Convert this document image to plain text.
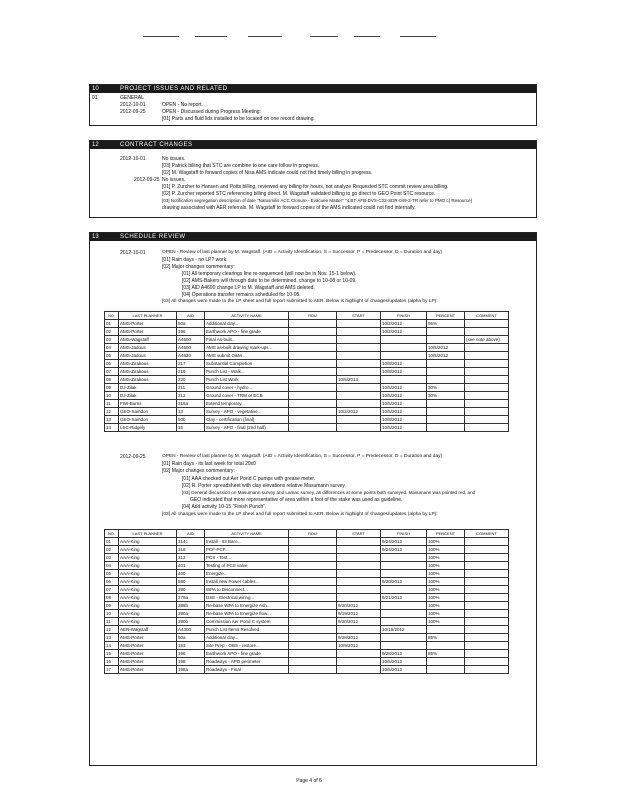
10	PROJECT ISSUES AND RELATED
01	GENERAL
2012-10-01	OPEN - No report.
2012-09-25	OPEN - Discussed during Progress Meeting:
[01] Parts and fluid lids installed to be located on one record drawing.
12	CONTRACT CHANGES
2012-10-01	No issues.
[03] Patrick billing that STC are combine to one care follow in progress.
[02] M. Wagstaff to forward copies of Nisa AMS indicate could not find timely billing in progress.
2012-09-25 No issues.
[01] P. Zurcher to Hansen and Potts billing, reviewed any billing for hours, not analyze Requested STC commit review area billing.
[02] P. Zurcher reported STC referencing billing direct. M. Wagstaff validated billing to go direct to GEO Point STC resource.
[03] Notification segregation description of date "Natusmilis ACC Closure - Evacuee Matter" "4.BT-AFB-DVS-C22-SDR-049-2-TR refer to PMO c) Resource)
drawing associated with AER referrals. M. Wagstaff to forward copies of the AMS indicated could not find internally.
13	SCHEDULE REVIEW
2012-10-01	OPEN - Review of last planner by M. Wagstaff. (AID = Activity Identification, S = Successor, P = Predecessor, D = Duration and day)
[01] Rain days - no LP? work.
[02] Major changes commentary:
[01] All temporary clearings line re-sequenced (will now be in Nov. 15-1 below).
[02] AMS-Bakers will through date to be determined, change to 10-08 or 10-09.
[03] AID A4600 change LP to M. Wagstaff and AMS deleted.
[04] Operations transfer remains scheduled for 10-05.
[03] All changes were made to the LP sheet and full report submitted to AER. Below is highlight of changes/updates (alpha by LP):
NO.	LAST PLANNER	AID	ACTIVITY NAME	RDU	START	FINISH	PERCENT	COMMENT
01	AMS-Porter	50a	Additional clay...			10/2/2012	95%	
02	AMS-Porter	196	Earthwork APO - fine grade			10/2/2012		
03	AMS-Wagstaff	A4600	Final As-built...					(see note above)
04	AMS-Jadous	A4600	AMS as-built drawing mark-ups...				10/5/2012	
05	AMS-Jadous	A4620	AMS submit O&M ...				10/5/2012	
06	AMS-Zirakous	217	Substantial Completion			10/8/2012		
07	AMS-Zirakous	219	Punch List - Walk...			10/8/2012		
08	AMS-Zirakous	220	Punch List Work		10/5/2013			
09	DJ-Zilak	211	Ground cover - hydro...			10/5/2012	30%	
10	DJ-Zilak	212	Ground cover - TRM or ECB			10/5/2012	30%	
11	FWI-Burns	316a	Extend temporary...			10/5/2012		
12	GEO-Saindon	13	Survey - APO - vegetative...		10/2/2012	10/5/2012		
13	GEO-Saindon	50b	Clay - certification (final)			10/8/2012		
14	LEC-Ridgely	15	Survey - APO - final (2nd half)			10/5/2012		
2012-09-25	OPEN - Review of last planner by M. Wagstaff. (AID = Activity Identification, S = Successor, P = Predecessor, D = Duration and day)
[01] Rain days - its last week for total 20x0
[02] Major changes commentary:
[01] AAA checked out Aer Pond C pumps with grease meter.
[02] R. Porter spreadsheet with clay elevations relative Masumann survey.
[03] General discussion on Masumann survey and Lamac survey, as differences at some points both surveyed. Masumann was pointed red, and
GEO indicated that more representative of area within a foot of the stake was used as guideline.
[04] Add activity 10-15 "Finish Punch".
[03] All changes were made to the LP sheet and full report submitted to AER. Below is highlight of changes/updates (alpha by LP):
NO.	LAST PLANNER	AID	ACTIVITY NAME	RDU	START	FINISH	PERCENT	COMMENT
01	AAA-King	314c	Install - 03 Baro...			9/24/2012	100%	
02	AAA-King	318	PCF-PCF...			9/24/2012	100%	
03	AAA-King	312	PCS - Test...				100%	
04	AAA-King	401	Testing of PCS valve				100%	
05	AAA-King	400	Energize...				100%	
06	AAA-King	580	Install new Power cables...			9/20/2012	100%	
07	AAA-King	390	WPA to Disconnect...				100%	
08	AAA-King	279a	DSE - Electrical wiring...			9/21/2012	100%	
09	AAA-King	385b	Re-base WPA to Energize Ash...		9/20/2012		100%	
10	AAA-King	390a	Re-base WPA to Energize flow...		9/19/2012		100%	
11	AAA-King	390b	Commission Aer Pond C system		9/20/2012		100%	
12	AER-Wagstaff	A4300	Punch List Items Resolved			10/15/2012		
13	AMS-Porter	50a	Additional clay...		9/28/2012		85%	
14	AMS-Porter	183	Site Prep - OBS - restore...		10/9/2012			
15	AMS-Porter	196	Earthwork APO - fine grade			9/28/2012	85%	
16	AMS-Porter	198	Roadways - APO perimeter			10/5/2012		
17	AMS-Porter	198a	Roadways - Final			10/5/2012		
Page 4 of 6
